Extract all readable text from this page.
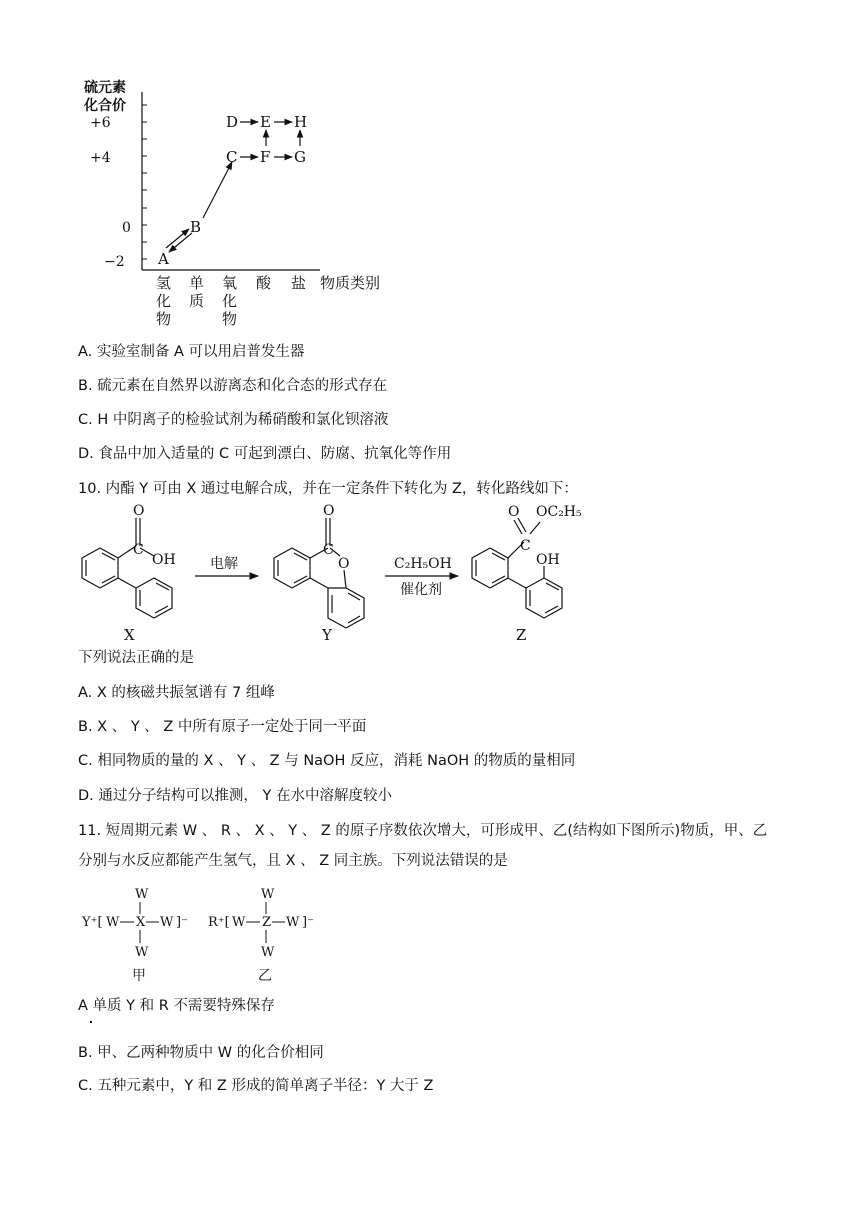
硫元素
化合价
+6
+4
0
−2
氢
化
物
单
质
氧
化
物
酸 盐 物质类别
A
B
C
D E
F G
H
A. 实验室制备 A 可以用启普发生器
B. 硫元素在自然界以游离态和化合态的形式存在
C. H 中阴离子的检验试剂为稀硝酸和氯化钡溶液
D. 食品中加入适量的 C 可起到漂白、防腐、抗氧化等作用
10. 内酯 Y 可由 X 通过电解合成，并在一定条件下转化为 Z，转化路线如下：
O
C
OH
O
C
O
O OC₂H₅
C
OH
电解	C₂H₅OH
催化剂
X	Y	Z
下列说法正确的是
A. X 的核磁共振氢谱有 7 组峰
B. X 、 Y 、 Z 中所有原子一定处于同一平面
C. 相同物质的量的 X 、 Y 、 Z 与 NaOH 反应，消耗 NaOH 的物质的量相同
D. 通过分子结构可以推测， Y 在水中溶解度较小
11. 短周期元素 W 、 R 、 X 、 Y 、 Z 的原子序数依次增大，可形成甲、乙(结构如下图所示)物质，甲、乙
分别与水反应都能产生氢气，且 X 、 Z 同主族。下列说法错误的是
W
Y⁺[ W X W ]⁻
W
甲
W
R⁺[ W Z W ]⁻
W
乙
A 单质 Y 和 R 不需要特殊保存
B. 甲、乙两种物质中 W 的化合价相同
C. 五种元素中，Y 和 Z 形成的简单离子半径：Y 大于 Z
